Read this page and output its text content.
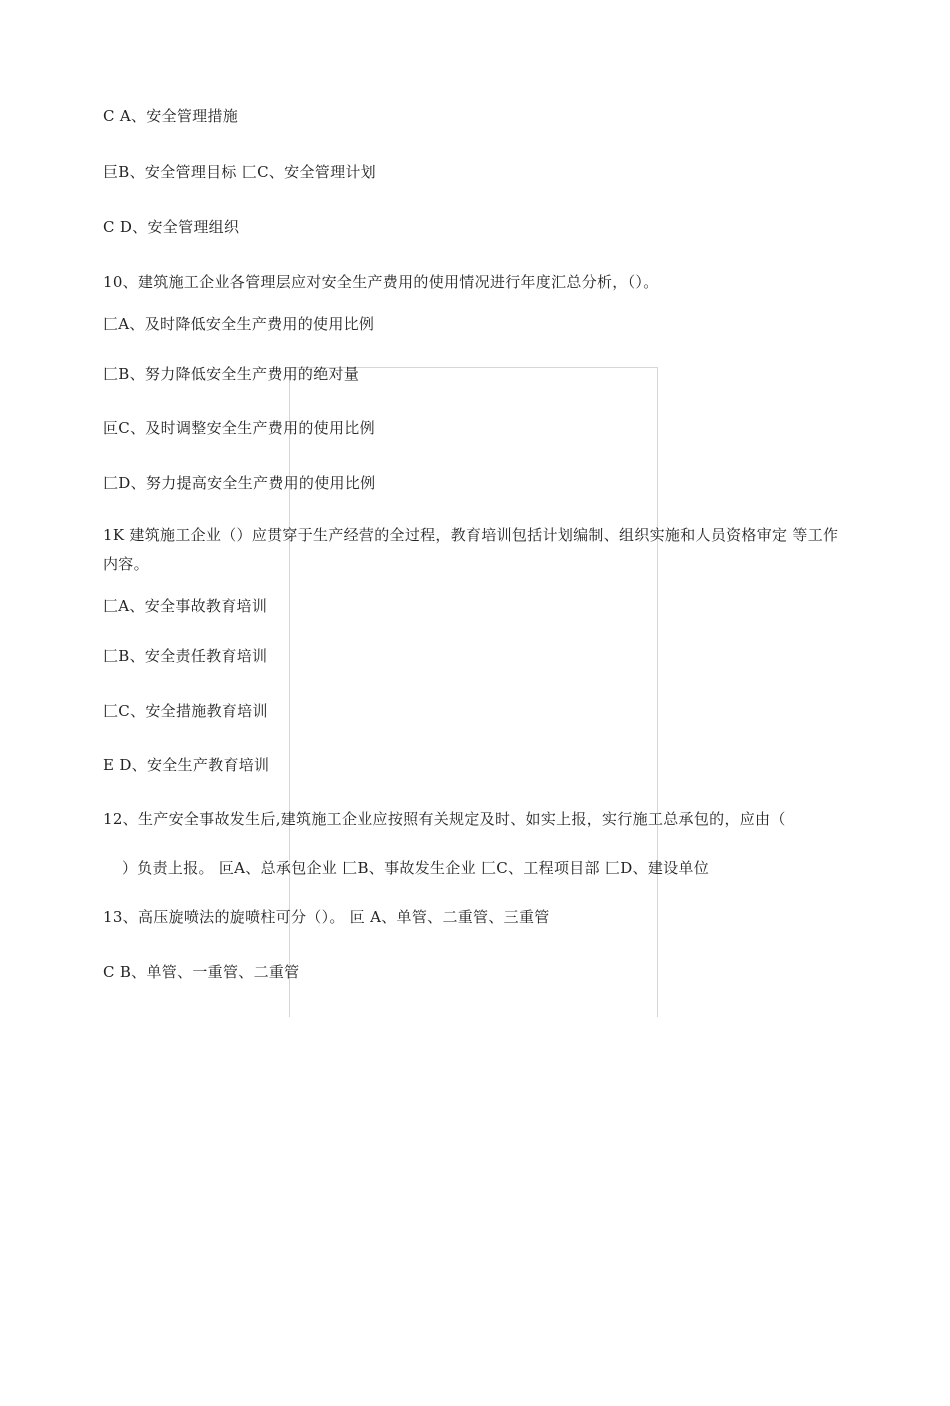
C A、安全管理措施
巨B、安全管理目标 匚C、安全管理计划
C D、安全管理组织
10、建筑施工企业各管理层应对安全生产费用的使用情况进行年度汇总分析，（）。
匚A、及时降低安全生产费用的使用比例
匚B、努力降低安全生产费用的绝对量
叵C、及时调整安全生产费用的使用比例
匚D、努力提高安全生产费用的使用比例
1K 建筑施工企业（）应贯穿于生产经营的全过程，教育培训包括计划编制、组织实施和人员资格审定 等工作内容。
匚A、安全事故教育培训
匚B、安全责任教育培训
匚C、安全措施教育培训
E D、安全生产教育培训
12、生产安全事故发生后,建筑施工企业应按照有关规定及时、如实上报，实行施工总承包的，应由（
）负责上报。 叵A、总承包企业 匚B、事故发生企业 匚C、工程项目部 匚D、建设单位
13、高压旋喷法的旋喷柱可分（）。 叵 A、单管、二重管、三重管
C B、单管、一重管、二重管
